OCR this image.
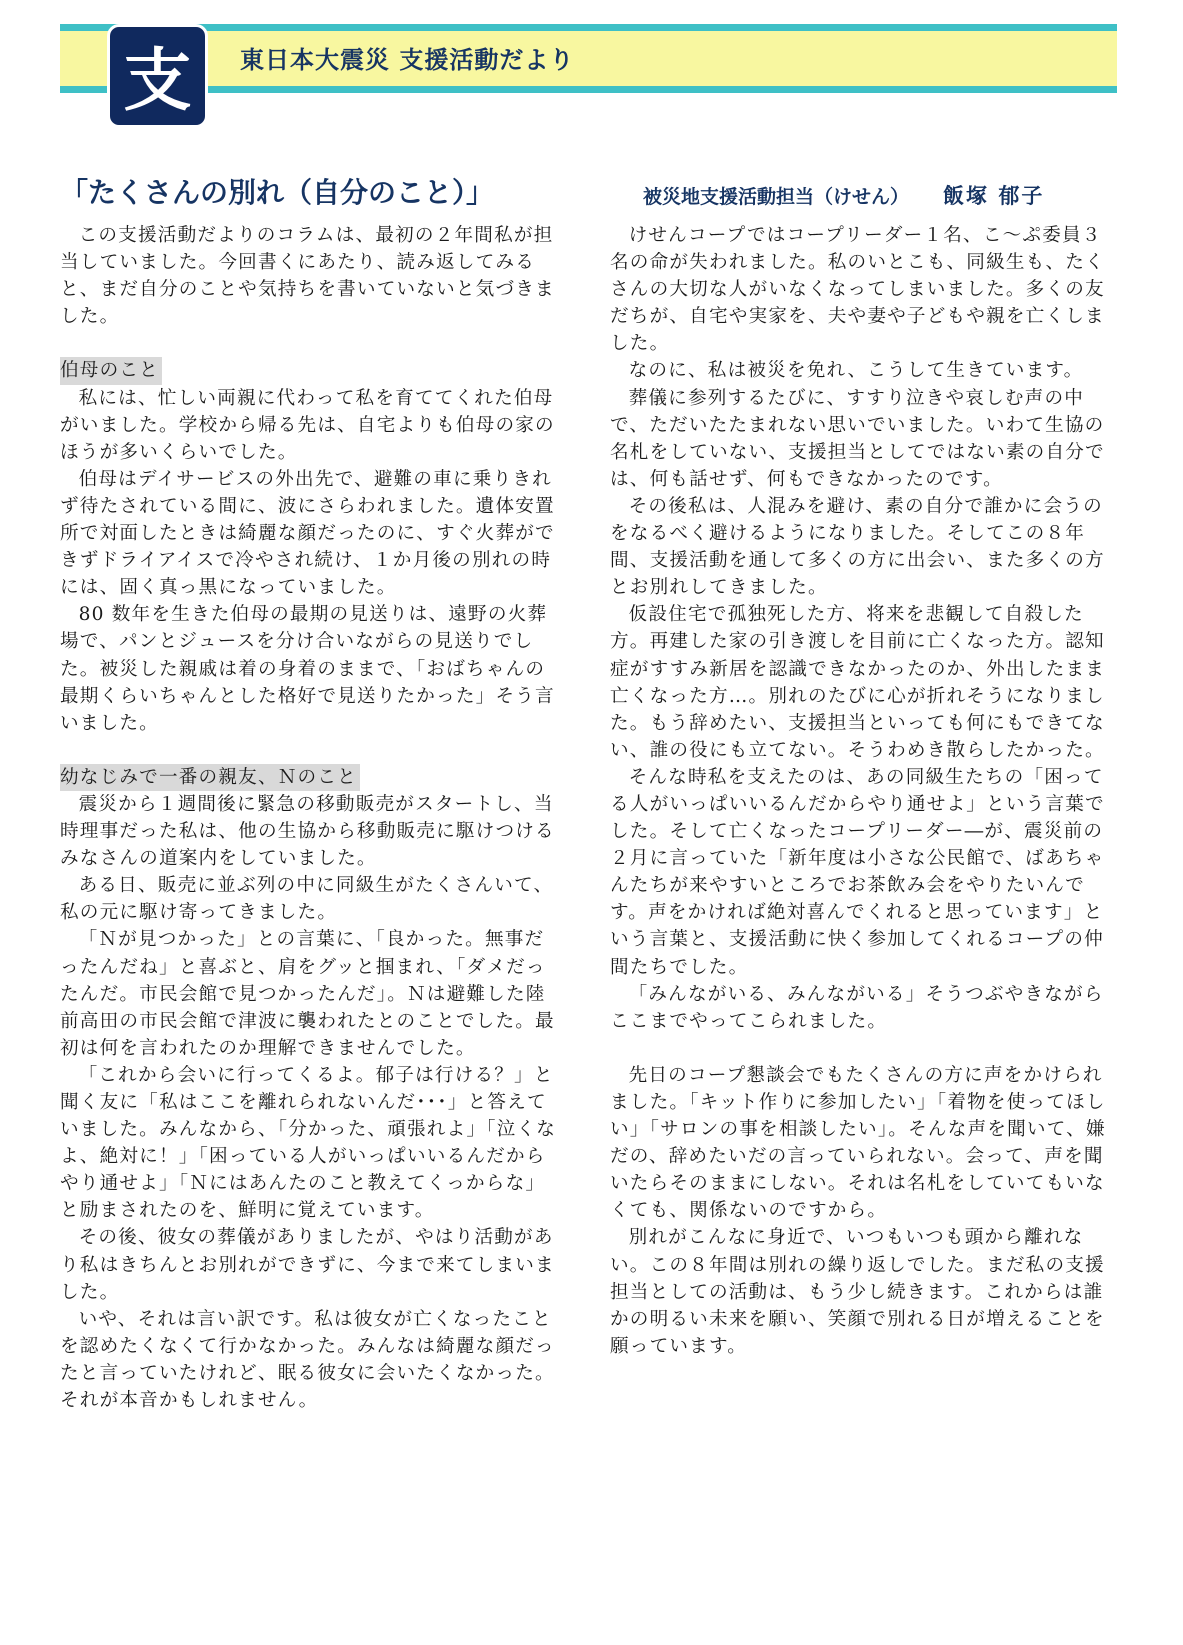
支 東日本大震災 支援活動だより
「たくさんの別れ（自分のこと）」	被災地支援活動担当（けせん） 飯塚 郁子

この支援活動だよりのコラムは、最初の２年間私が担当していました。今回書くにあたり、読み返してみると、まだ自分のことや気持ちを書いていないと気づきました。

伯母のこと

私には、忙しい両親に代わって私を育ててくれた伯母がいました。学校から帰る先は、自宅よりも伯母の家のほうが多いくらいでした。

伯母はデイサービスの外出先で、避難の車に乗りきれず待たされている間に、波にさらわれました。遺体安置所で対面したときは綺麗な顔だったのに、すぐ火葬ができずドライアイスで冷やされ続け、１か月後の別れの時には、固く真っ黒になっていました。

80 数年を生きた伯母の最期の見送りは、遠野の火葬場で、パンとジュースを分け合いながらの見送りでした。被災した親戚は着の身着のままで、「おばちゃんの最期くらいちゃんとした格好で見送りたかった」そう言いました。

幼なじみで一番の親友、Ｎのこと

震災から１週間後に緊急の移動販売がスタートし、当時理事だった私は、他の生協から移動販売に駆けつけるみなさんの道案内をしていました。

ある日、販売に並ぶ列の中に同級生がたくさんいて、私の元に駆け寄ってきました。

「Ｎが見つかった」との言葉に、「良かった。無事だったんだね」と喜ぶと、肩をグッと掴まれ、「ダメだったんだ。市民会館で見つかったんだ」。Ｎは避難した陸前高田の市民会館で津波に襲われたとのことでした。最初は何を言われたのか理解できませんでした。

「これから会いに行ってくるよ。郁子は行ける？」と聞く友に「私はここを離れられないんだ･･･」と答えていました。みんなから、「分かった、頑張れよ」「泣くなよ、絶対に！」「困っている人がいっぱいいるんだからやり通せよ」「Ｎにはあんたのこと教えてくっからな」と励まされたのを、鮮明に覚えています。

その後、彼女の葬儀がありましたが、やはり活動があり私はきちんとお別れができずに、今まで来てしまいました。

いや、それは言い訳です。私は彼女が亡くなったことを認めたくなくて行かなかった。みんなは綺麗な顔だったと言っていたけれど、眠る彼女に会いたくなかった。それが本音かもしれません。

けせんコープではコープリーダー１名、こ～ぷ委員３名の命が失われました。私のいとこも、同級生も、たくさんの大切な人がいなくなってしまいました。多くの友だちが、自宅や実家を、夫や妻や子どもや親を亡くしました。

なのに、私は被災を免れ、こうして生きています。

葬儀に参列するたびに、すすり泣きや哀しむ声の中で、ただいたたまれない思いでいました。いわて生協の名札をしていない、支援担当としてではない素の自分では、何も話せず、何もできなかったのです。

その後私は、人混みを避け、素の自分で誰かに会うのをなるべく避けるようになりました。そしてこの８年間、支援活動を通して多くの方に出会い、また多くの方とお別れしてきました。

仮設住宅で孤独死した方、将来を悲観して自殺した方。再建した家の引き渡しを目前に亡くなった方。認知症がすすみ新居を認識できなかったのか、外出したまま亡くなった方…。別れのたびに心が折れそうになりました。もう辞めたい、支援担当といっても何にもできてない、誰の役にも立てない。そうわめき散らしたかった。

そんな時私を支えたのは、あの同級生たちの「困ってる人がいっぱいいるんだからやり通せよ」という言葉でした。そして亡くなったコープリーダー―が、震災前の２月に言っていた「新年度は小さな公民館で、ばあちゃんたちが来やすいところでお茶飲み会をやりたいんです。声をかければ絶対喜んでくれると思っています」という言葉と、支援活動に快く参加してくれるコープの仲間たちでした。

「みんながいる、みんながいる」そうつぶやきながらここまでやってこられました。

先日のコープ懇談会でもたくさんの方に声をかけられました。「キット作りに参加したい」「着物を使ってほしい」「サロンの事を相談したい」。そんな声を聞いて、嫌だの、辞めたいだの言っていられない。会って、声を聞いたらそのままにしない。それは名札をしていてもいなくても、関係ないのですから。

別れがこんなに身近で、いつもいつも頭から離れない。この８年間は別れの繰り返しでした。まだ私の支援担当としての活動は、もう少し続きます。これからは誰かの明るい未来を願い、笑顔で別れる日が増えることを願っています。
